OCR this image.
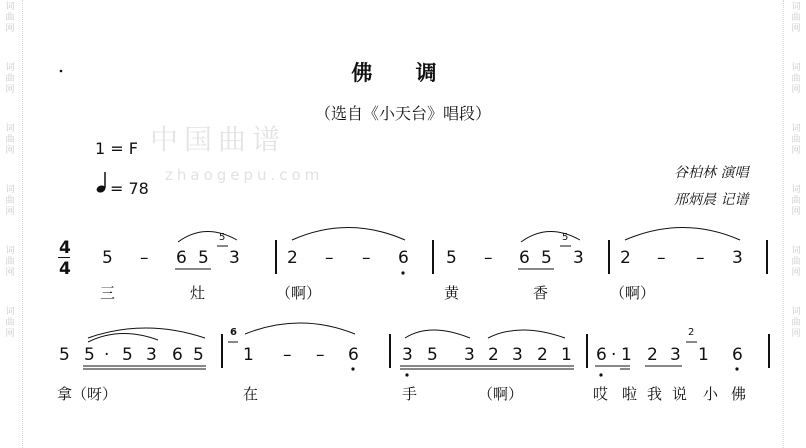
词
曲
网
词
曲
网
词
曲
网
词
曲
网
词
曲
网
词
曲
网
词
曲
网
词
曲
网
词
曲
网
词
曲
网
词
曲
网
词
曲
网
中国曲谱
zhaogepu.com
佛 调
（选自《小天台》唱段）
1 = F
= 78
谷柏林 演唱
邢炳晨 记谱
4
4
5 – 6 5
5
3	2 – – 6 5 – 6 5
5
3 2 – – 3
三	灶	（啊）	黄	香	（啊）
5 5 · 5 3 6 5
6
1 – – 6	3 5 3 2 3 2 1 6 · 1 2 3
2
1 6
拿（呀）	在	手	（啊）	哎 啦 我 说 小 佛
